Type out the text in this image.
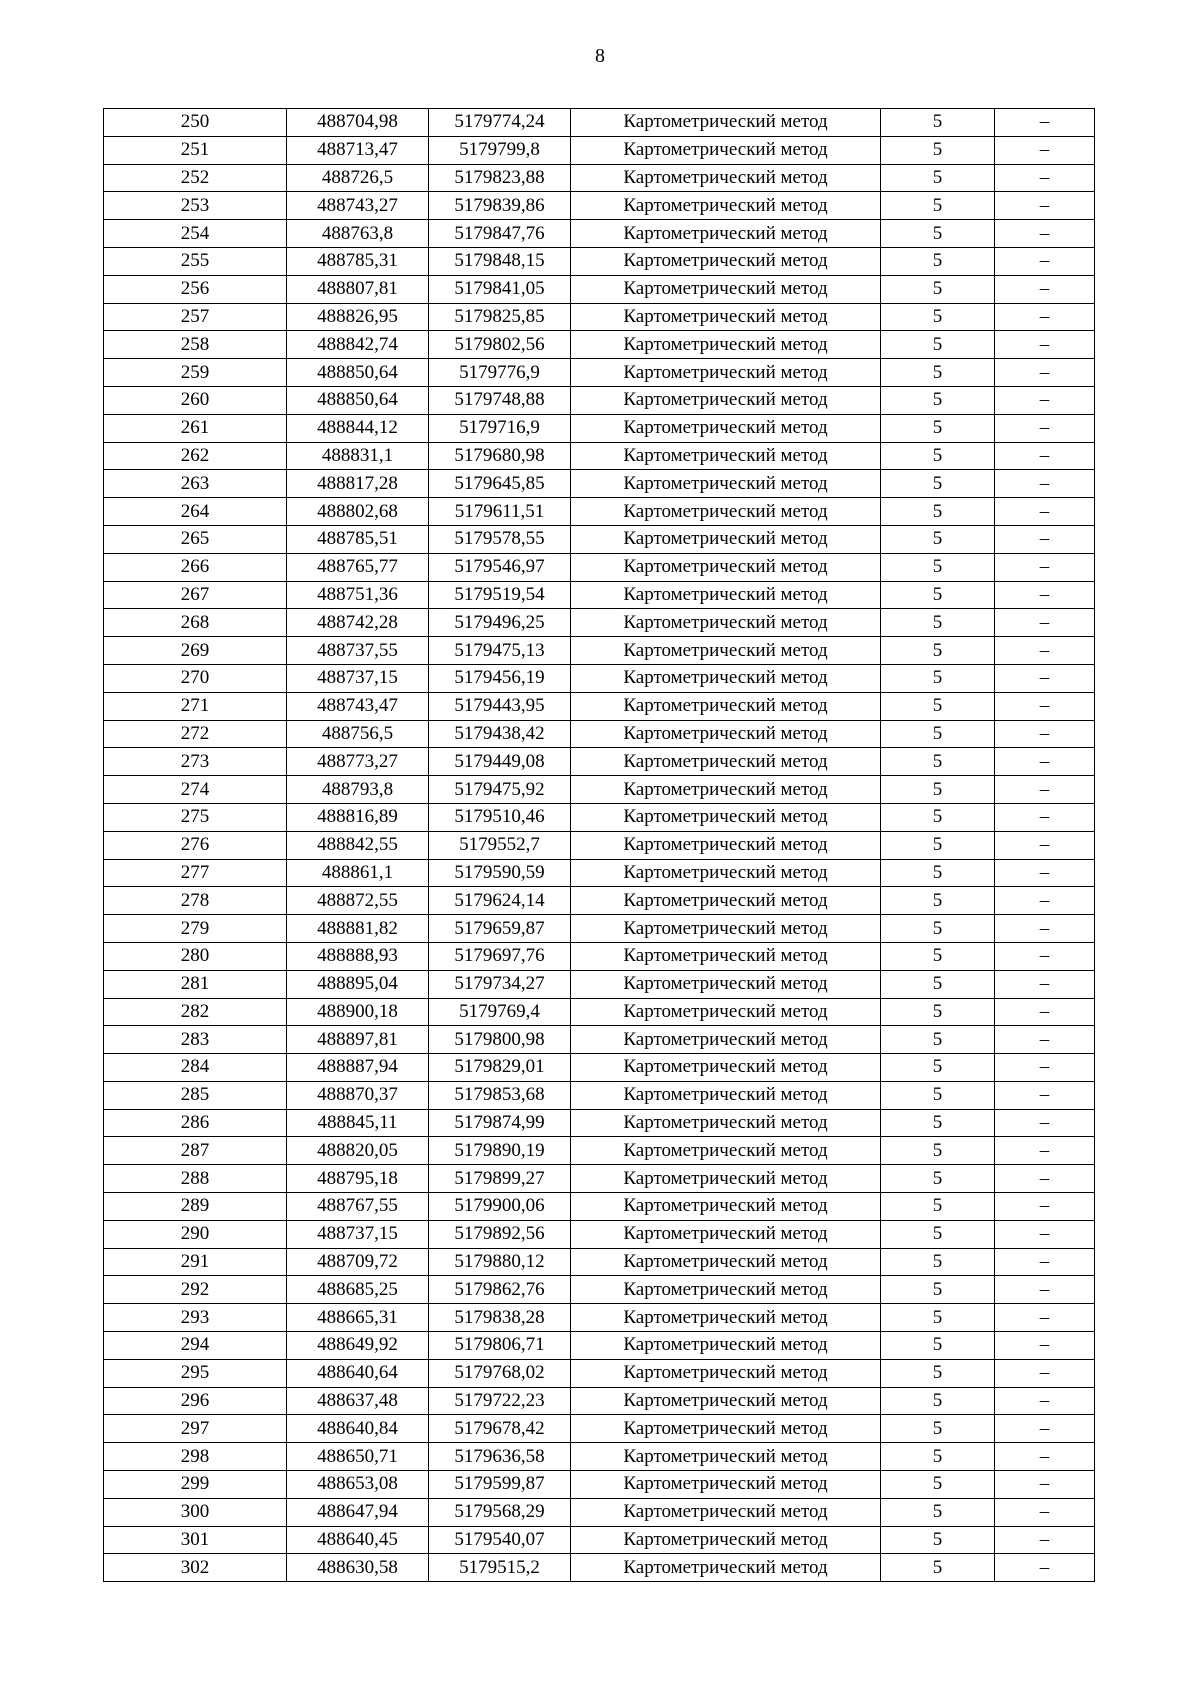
8
250	488704,98	5179774,24	Картометрический метод	5	–
251	488713,47	5179799,8	Картометрический метод	5	–
252	488726,5	5179823,88	Картометрический метод	5	–
253	488743,27	5179839,86	Картометрический метод	5	–
254	488763,8	5179847,76	Картометрический метод	5	–
255	488785,31	5179848,15	Картометрический метод	5	–
256	488807,81	5179841,05	Картометрический метод	5	–
257	488826,95	5179825,85	Картометрический метод	5	–
258	488842,74	5179802,56	Картометрический метод	5	–
259	488850,64	5179776,9	Картометрический метод	5	–
260	488850,64	5179748,88	Картометрический метод	5	–
261	488844,12	5179716,9	Картометрический метод	5	–
262	488831,1	5179680,98	Картометрический метод	5	–
263	488817,28	5179645,85	Картометрический метод	5	–
264	488802,68	5179611,51	Картометрический метод	5	–
265	488785,51	5179578,55	Картометрический метод	5	–
266	488765,77	5179546,97	Картометрический метод	5	–
267	488751,36	5179519,54	Картометрический метод	5	–
268	488742,28	5179496,25	Картометрический метод	5	–
269	488737,55	5179475,13	Картометрический метод	5	–
270	488737,15	5179456,19	Картометрический метод	5	–
271	488743,47	5179443,95	Картометрический метод	5	–
272	488756,5	5179438,42	Картометрический метод	5	–
273	488773,27	5179449,08	Картометрический метод	5	–
274	488793,8	5179475,92	Картометрический метод	5	–
275	488816,89	5179510,46	Картометрический метод	5	–
276	488842,55	5179552,7	Картометрический метод	5	–
277	488861,1	5179590,59	Картометрический метод	5	–
278	488872,55	5179624,14	Картометрический метод	5	–
279	488881,82	5179659,87	Картометрический метод	5	–
280	488888,93	5179697,76	Картометрический метод	5	–
281	488895,04	5179734,27	Картометрический метод	5	–
282	488900,18	5179769,4	Картометрический метод	5	–
283	488897,81	5179800,98	Картометрический метод	5	–
284	488887,94	5179829,01	Картометрический метод	5	–
285	488870,37	5179853,68	Картометрический метод	5	–
286	488845,11	5179874,99	Картометрический метод	5	–
287	488820,05	5179890,19	Картометрический метод	5	–
288	488795,18	5179899,27	Картометрический метод	5	–
289	488767,55	5179900,06	Картометрический метод	5	–
290	488737,15	5179892,56	Картометрический метод	5	–
291	488709,72	5179880,12	Картометрический метод	5	–
292	488685,25	5179862,76	Картометрический метод	5	–
293	488665,31	5179838,28	Картометрический метод	5	–
294	488649,92	5179806,71	Картометрический метод	5	–
295	488640,64	5179768,02	Картометрический метод	5	–
296	488637,48	5179722,23	Картометрический метод	5	–
297	488640,84	5179678,42	Картометрический метод	5	–
298	488650,71	5179636,58	Картометрический метод	5	–
299	488653,08	5179599,87	Картометрический метод	5	–
300	488647,94	5179568,29	Картометрический метод	5	–
301	488640,45	5179540,07	Картометрический метод	5	–
302	488630,58	5179515,2	Картометрический метод	5	–
